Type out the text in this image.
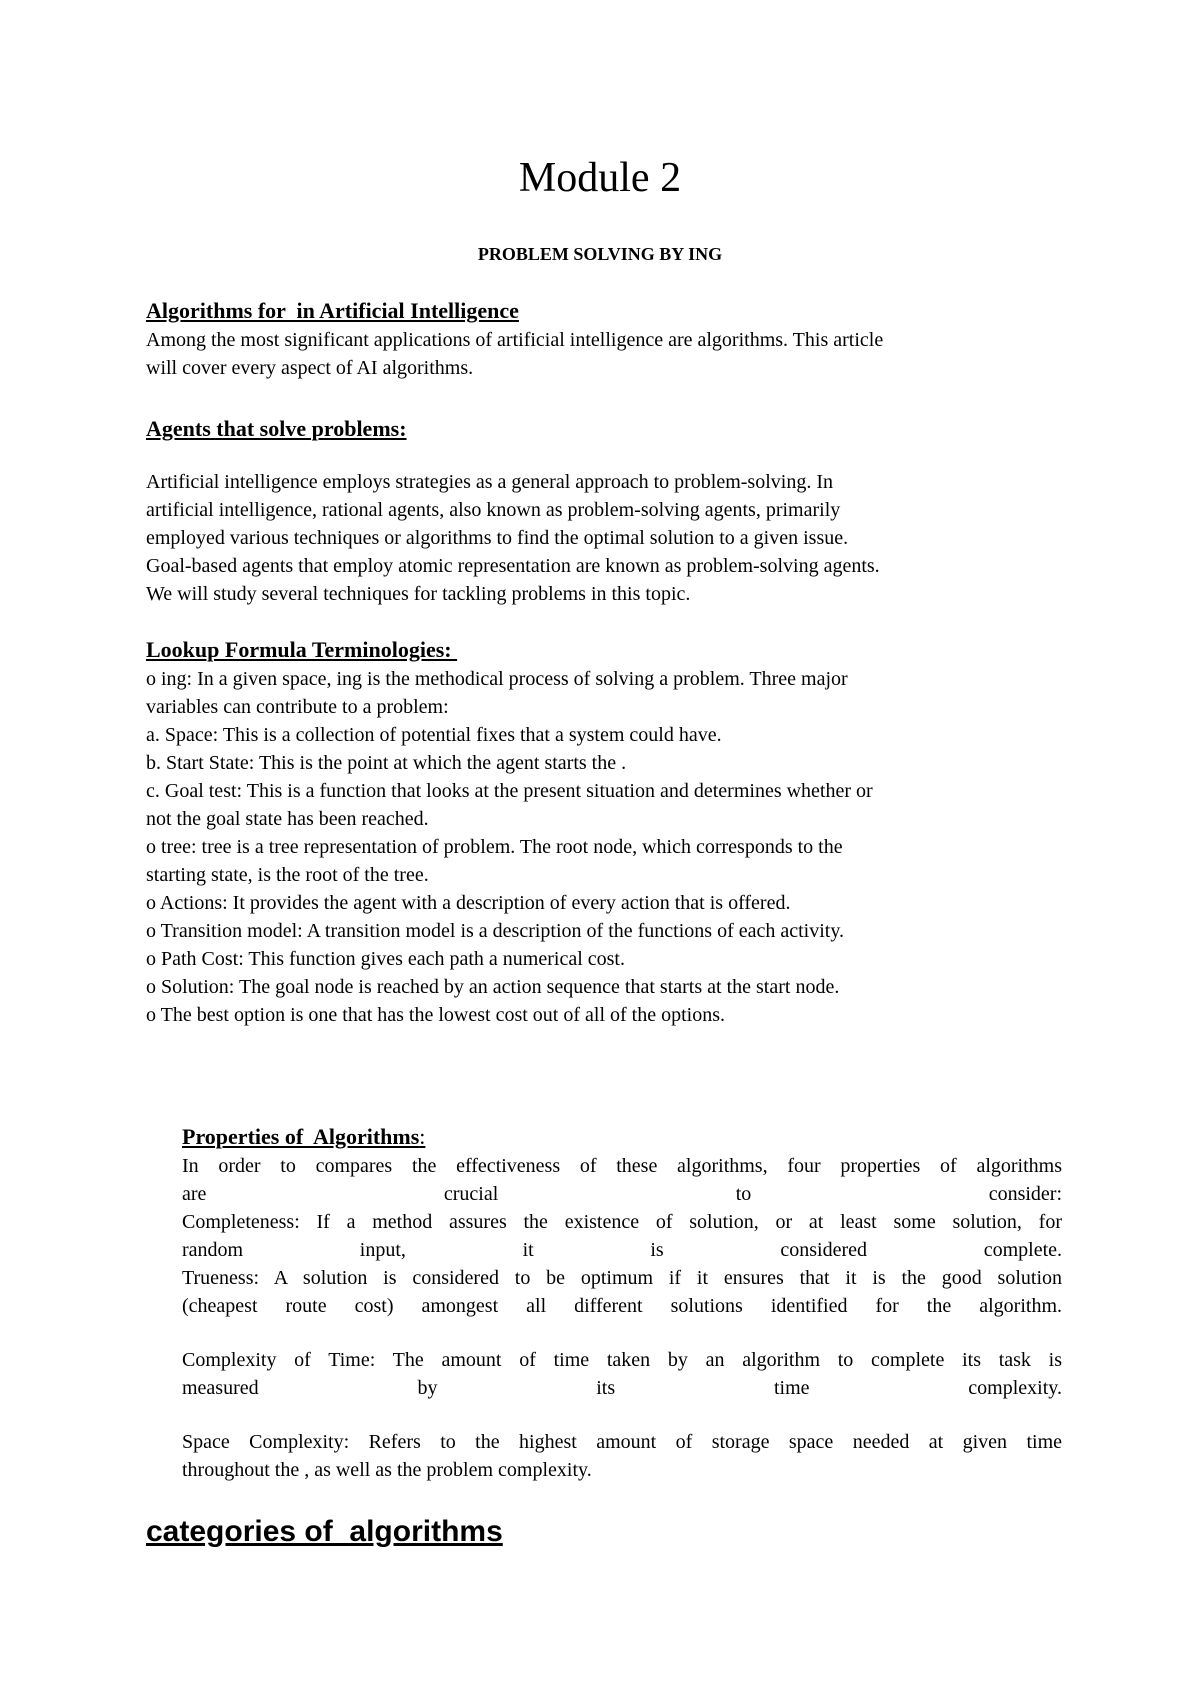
Module 2
PROBLEM SOLVING BY ING
Algorithms for  in Artificial Intelligence
Among the most significant applications of artificial intelligence are algorithms. This article
will cover every aspect of AI algorithms.
Agents that solve problems:
Artificial intelligence employs strategies as a general approach to problem-solving. In
artificial intelligence, rational agents, also known as problem-solving agents, primarily
employed various techniques or algorithms to find the optimal solution to a given issue.
Goal-based agents that employ atomic representation are known as problem-solving agents.
We will study several techniques for tackling problems in this topic.
Lookup Formula Terminologies:
o ing: In a given space, ing is the methodical process of solving a problem. Three major
variables can contribute to a problem:
a. Space: This is a collection of potential fixes that a system could have.
b. Start State: This is the point at which the agent starts the .
c. Goal test: This is a function that looks at the present situation and determines whether or
not the goal state has been reached.
o tree: tree is a tree representation of problem. The root node, which corresponds to the
starting state, is the root of the tree.
o Actions: It provides the agent with a description of every action that is offered.
o Transition model: A transition model is a description of the functions of each activity.
o Path Cost: This function gives each path a numerical cost.
o Solution: The goal node is reached by an action sequence that starts at the start node.
o The best option is one that has the lowest cost out of all of the options.
Properties of  Algorithms:
In order to compares the effectiveness of these algorithms, four properties of algorithms
are crucial to consider:
Completeness: If a method assures the existence of solution, or at least some solution, for
random input, it is considered complete.
Trueness: A solution is considered to be optimum if it ensures that it is the good solution
(cheapest route cost) amongest all different solutions identified for the algorithm.
Complexity of Time: The amount of time taken by an algorithm to complete its task is
measured by its time complexity.
Space Complexity: Refers to the highest amount of storage space needed at given time
throughout the , as well as the problem complexity.
categories of  algorithms
